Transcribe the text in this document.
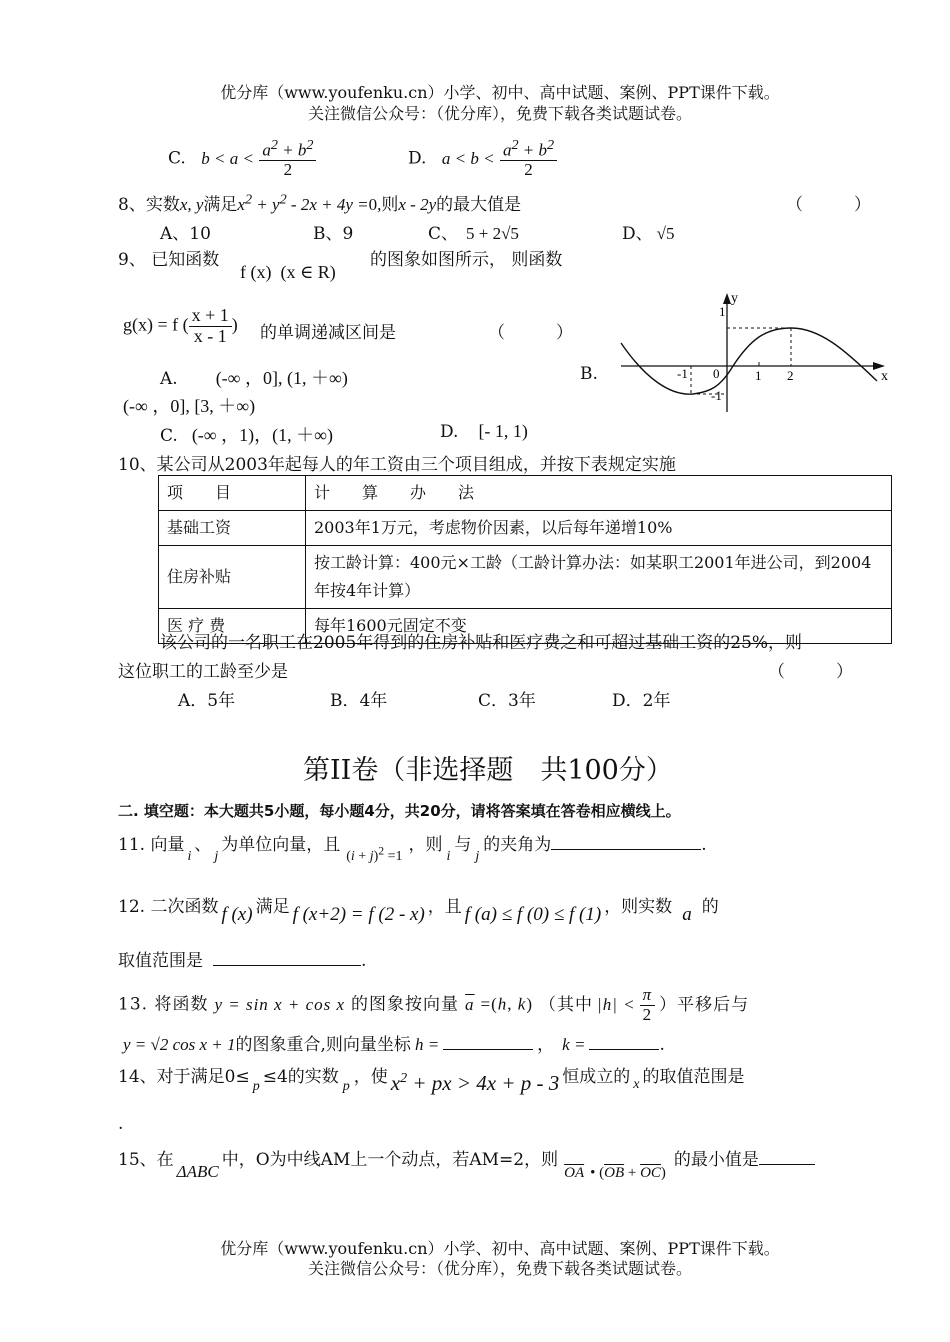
优分库（www.youfenku.cn）小学、初中、高中试题、案例、PPT课件下载。
关注微信公众号：（优分库），免费下载各类试题试卷。
C. $b < a < \frac{a^2 + b^2}{2}$	D. $a < b < \frac{a^2 + b^2}{2}$
8、实数x, y满足$x^2 + y^2 - 2x + 4y =0$,则x - 2y的最大值是	（　　　）
A、10	B、9	C、 5 + 2√5	D、 √5
9、 已知函数
f (x)  (x ∈ R)
的图象如图所示， 则函数
g(x) = f ( $\frac{x + 1}{x - 1}$ ) 的单调递减区间是	（　　　）
A. (-∞ ，0], (1, ＋∞)	B.
(-∞ ，0], [3, ＋∞)
C. (-∞ ，1)，(1, ＋∞)	D. [- 1, 1)
1
-1
-1 0	1 2
y
x
10、某公司从2003年起每人的年工资由三个项目组成，并按下表规定实施
项　　目	计　　算　　办　　法
基础工资	2003年1万元，考虑物价因素，以后每年递增10%
住房补贴	按工龄计算：400元×工龄（工龄计算办法：如某职工2001年进公司，到2004年按4年计算）
医 疗 费	每年1600元固定不变
该公司的一名职工在2005年得到的住房补贴和医疗费之和可超过基础工资的25%，则
这位职工的工龄至少是	（　　　）
A．5年	B．4年	C．3年	D．2年
第II卷（非选择题　共100分）
二. 填空题：本大题共5小题，每小题4分，共20分，请将答案填在答卷相应横线上。
11. 向量$_i$、$_j$为单位向量，且$_{(i + j)^2 =1}$，则$_i$与$_j$的夹角为	.
12. 二次函数 f (x) 满足 f (x+2) = f (2 - x) ，且 f (a) ≤ f (0) ≤ f (1) ，则实数 a 的
取值范围是	.
13. 将函数 y = sin x + cos x 的图象按向量 $\overline{a} =(h$, k) （其中 $|h| < \frac{\pi}{2}$ ）平移后与
y = √2 cos x + 1的图象重合,则向量坐标 h =	， k =	.
14、对于满足0≤ $_p$ ≤4的实数 $_p$ ，使 $x^2$ + px > 4x + p - 3 恒成立的 $_x$ 的取值范围是
.
15、在ΔABC中，O为中线AM上一个动点，若AM=2，则$\overline{OA}$ • $(\overline{OB} + \overline{OC})$的最小值是
优分库（www.youfenku.cn）小学、初中、高中试题、案例、PPT课件下载。
关注微信公众号：（优分库），免费下载各类试题试卷。
